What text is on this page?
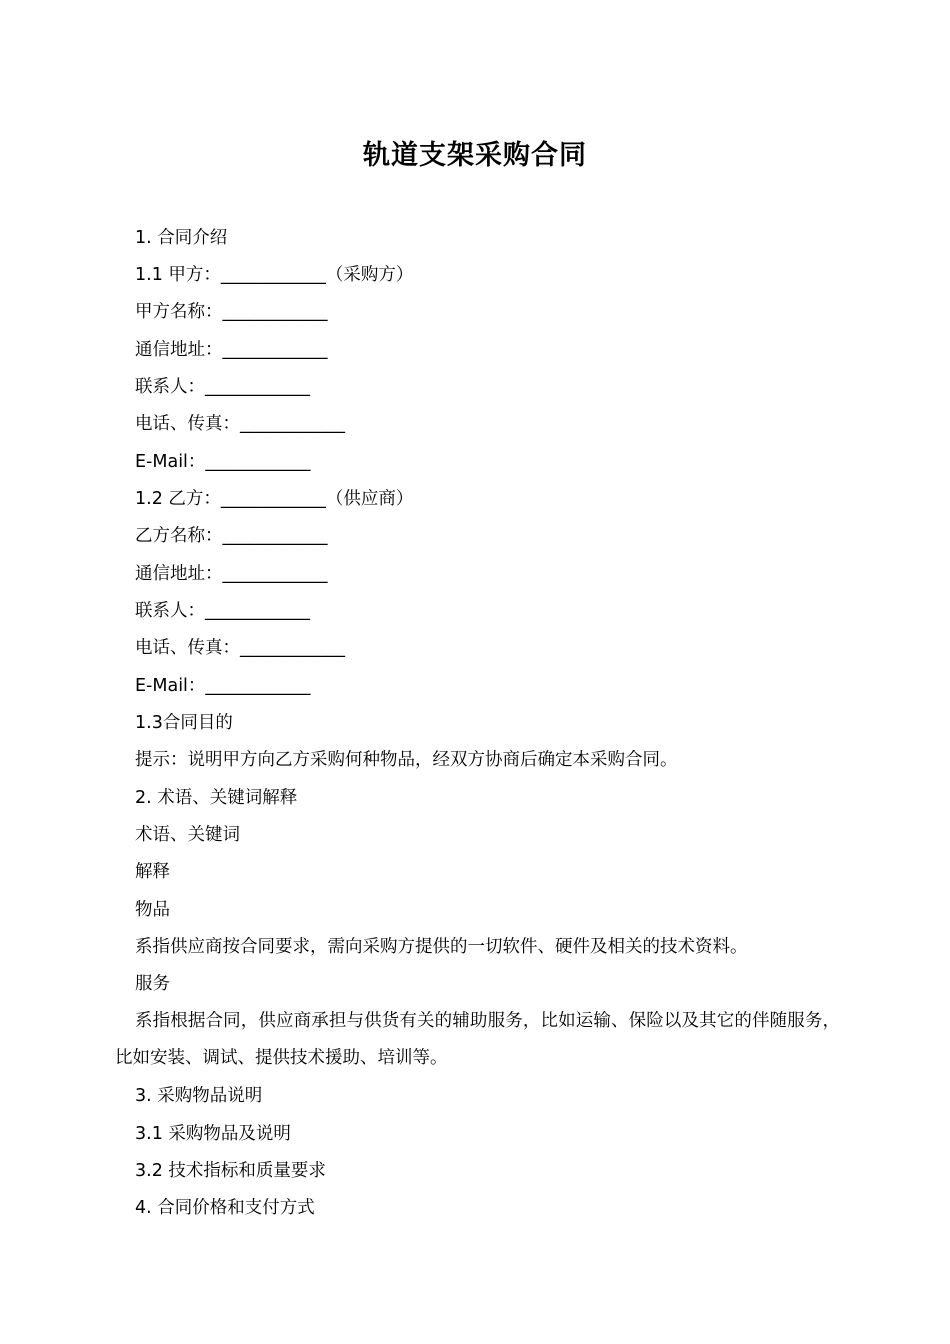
轨道支架采购合同

1. 合同介绍

1.1 甲方：____________（采购方）

甲方名称：____________

通信地址：____________

联系人：____________

电话、传真：____________

E-Mail：____________

1.2 乙方：____________（供应商）

乙方名称：____________

通信地址：____________

联系人：____________

电话、传真：____________

E-Mail：____________

1.3合同目的

提示：说明甲方向乙方采购何种物品，经双方协商后确定本采购合同。

2. 术语、关键词解释

术语、关键词

解释

物品

系指供应商按合同要求，需向采购方提供的一切软件、硬件及相关的技术资料。

服务

系指根据合同，供应商承担与供货有关的辅助服务，比如运输、保险以及其它的伴随服务，比如安装、调试、提供技术援助、培训等。

3. 采购物品说明

3.1 采购物品及说明

3.2 技术指标和质量要求

4. 合同价格和支付方式
